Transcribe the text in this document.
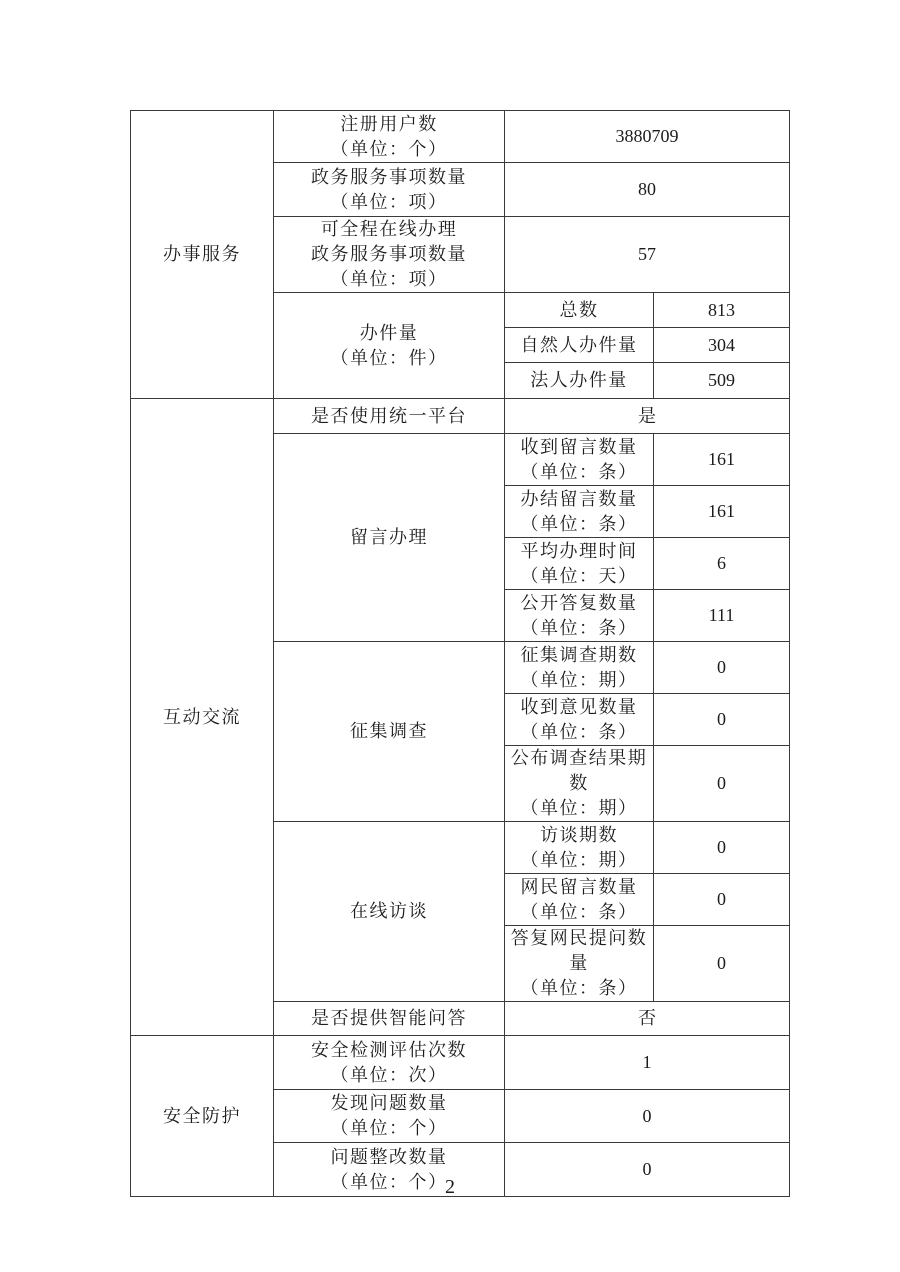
办事服务	注册用户数
（单位：个）	3880709	

	政务服务事项数量
（单位：项）	80	

	可全程在线办理
政务服务事项数量
（单位：项）	57	

	办件量
（单位：件）	总数	813

		自然人办件量	304

		法人办件量	509
互动交流	是否使用统一平台	是	

	留言办理	收到留言数量
（单位：条）	161

		办结留言数量
（单位：条）	161

		平均办理时间
（单位：天）	6

		公开答复数量
（单位：条）	111

	征集调查	征集调查期数
（单位：期）	0

		收到意见数量
（单位：条）	0

		公布调查结果期数
（单位：期）	0

	在线访谈	访谈期数
（单位：期）	0

		网民留言数量
（单位：条）	0

		答复网民提问数量
（单位：条）	0

	是否提供智能问答	否	
安全防护	安全检测评估次数
（单位：次）	1	

	发现问题数量
（单位：个）	0	

	问题整改数量
（单位：个）	0	
2
